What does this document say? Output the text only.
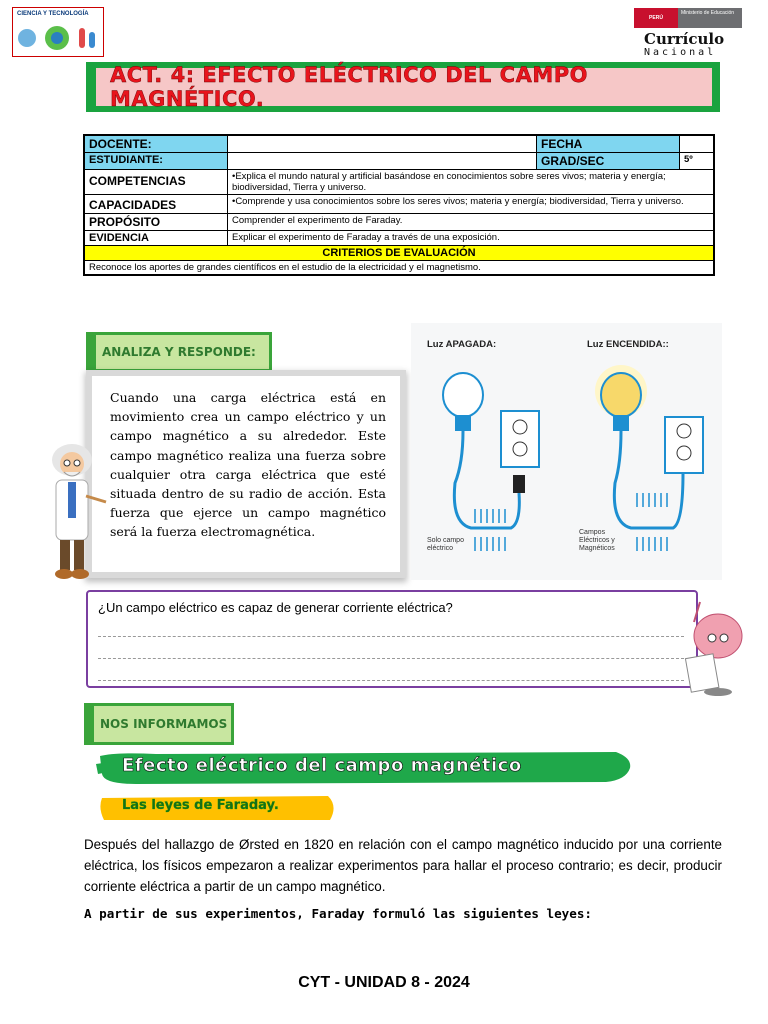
CIENCIA Y TECNOLOGÍA
PERÚ
Ministerio de Educación
Currículo
Nacional
ACT. 4: EFECTO ELÉCTRICO DEL CAMPO MAGNÉTICO.
DOCENTE:		FECHA	
ESTUDIANTE:		GRAD/SEC	5º
COMPETENCIAS	•Explica el mundo natural y artificial basándose en conocimientos sobre seres vivos; materia y energía; biodiversidad, Tierra y universo.		
CAPACIDADES	•Comprende y usa conocimientos sobre los seres vivos; materia y energía; biodiversidad, Tierra y universo.		
PROPÓSITO	Comprender el experimento de Faraday.		
EVIDENCIA	Explicar el experimento de Faraday a través de una exposición.		
CRITERIOS DE EVALUACIÓN			
Reconoce los aportes de grandes científicos en el estudio de la electricidad y el magnetismo.			
ANALIZA Y RESPONDE:
Cuando una carga eléctrica está en movimiento crea un campo eléctrico y un campo magnético a su alrededor. Este campo magnético realiza una fuerza sobre cualquier otra carga eléctrica que esté situada dentro de su radio de acción. Esta fuerza que ejerce un campo magnético será la fuerza electromagnética.
Luz APAGADA:	Luz ENCENDIDA::
Solo campo eléctrico
Campos Eléctricos y Magnéticos
¿Un campo eléctrico es capaz de generar corriente eléctrica?
NOS INFORMAMOS
Efecto eléctrico del campo magnético
Las leyes de Faraday.
Después del hallazgo de Ørsted en 1820 en relación con el campo magnético inducido por una corriente eléctrica, los físicos empezaron a realizar experimentos para hallar el proceso contrario; es decir, producir corriente eléctrica a partir de un campo magnético.
A partir de sus experimentos, Faraday formuló las siguientes leyes:
CYT - UNIDAD 8 - 2024
